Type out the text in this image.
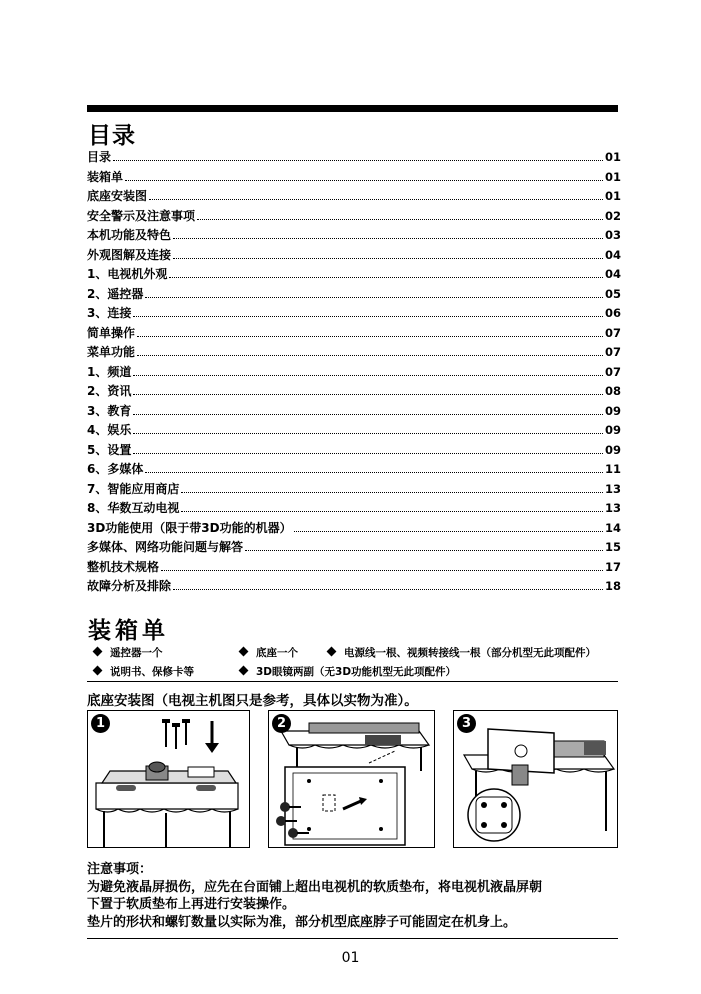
目录
目录	01
装箱单	01
底座安装图	01
安全警示及注意事项	02
本机功能及特色	03
外观图解及连接	04
1、电视机外观	04
2、遥控器	05
3、连接	06
简单操作	07
菜单功能	07
1、频道	07
2、资讯	08
3、教育	09
4、娱乐	09
5、设置	09
6、多媒体	11
7、智能应用商店	13
8、华数互动电视	13
3D功能使用（限于带3D功能的机器）	14
多媒体、网络功能问题与解答	15
整机技术规格	17
故障分析及排除	18
装箱单
遥控器一个	底座一个	电源线一根、视频转接线一根（部分机型无此项配件）
说明书、保修卡等	3D眼镜两副（无3D功能机型无此项配件）
底座安装图（电视主机图只是参考，具体以实物为准）。
1	2	3
注意事项：
为避免液晶屏损伤，应先在台面铺上超出电视机的软质垫布，将电视机液晶屏朝
下置于软质垫布上再进行安装操作。
垫片的形状和螺钉数量以实际为准，部分机型底座脖子可能固定在机身上。
01
